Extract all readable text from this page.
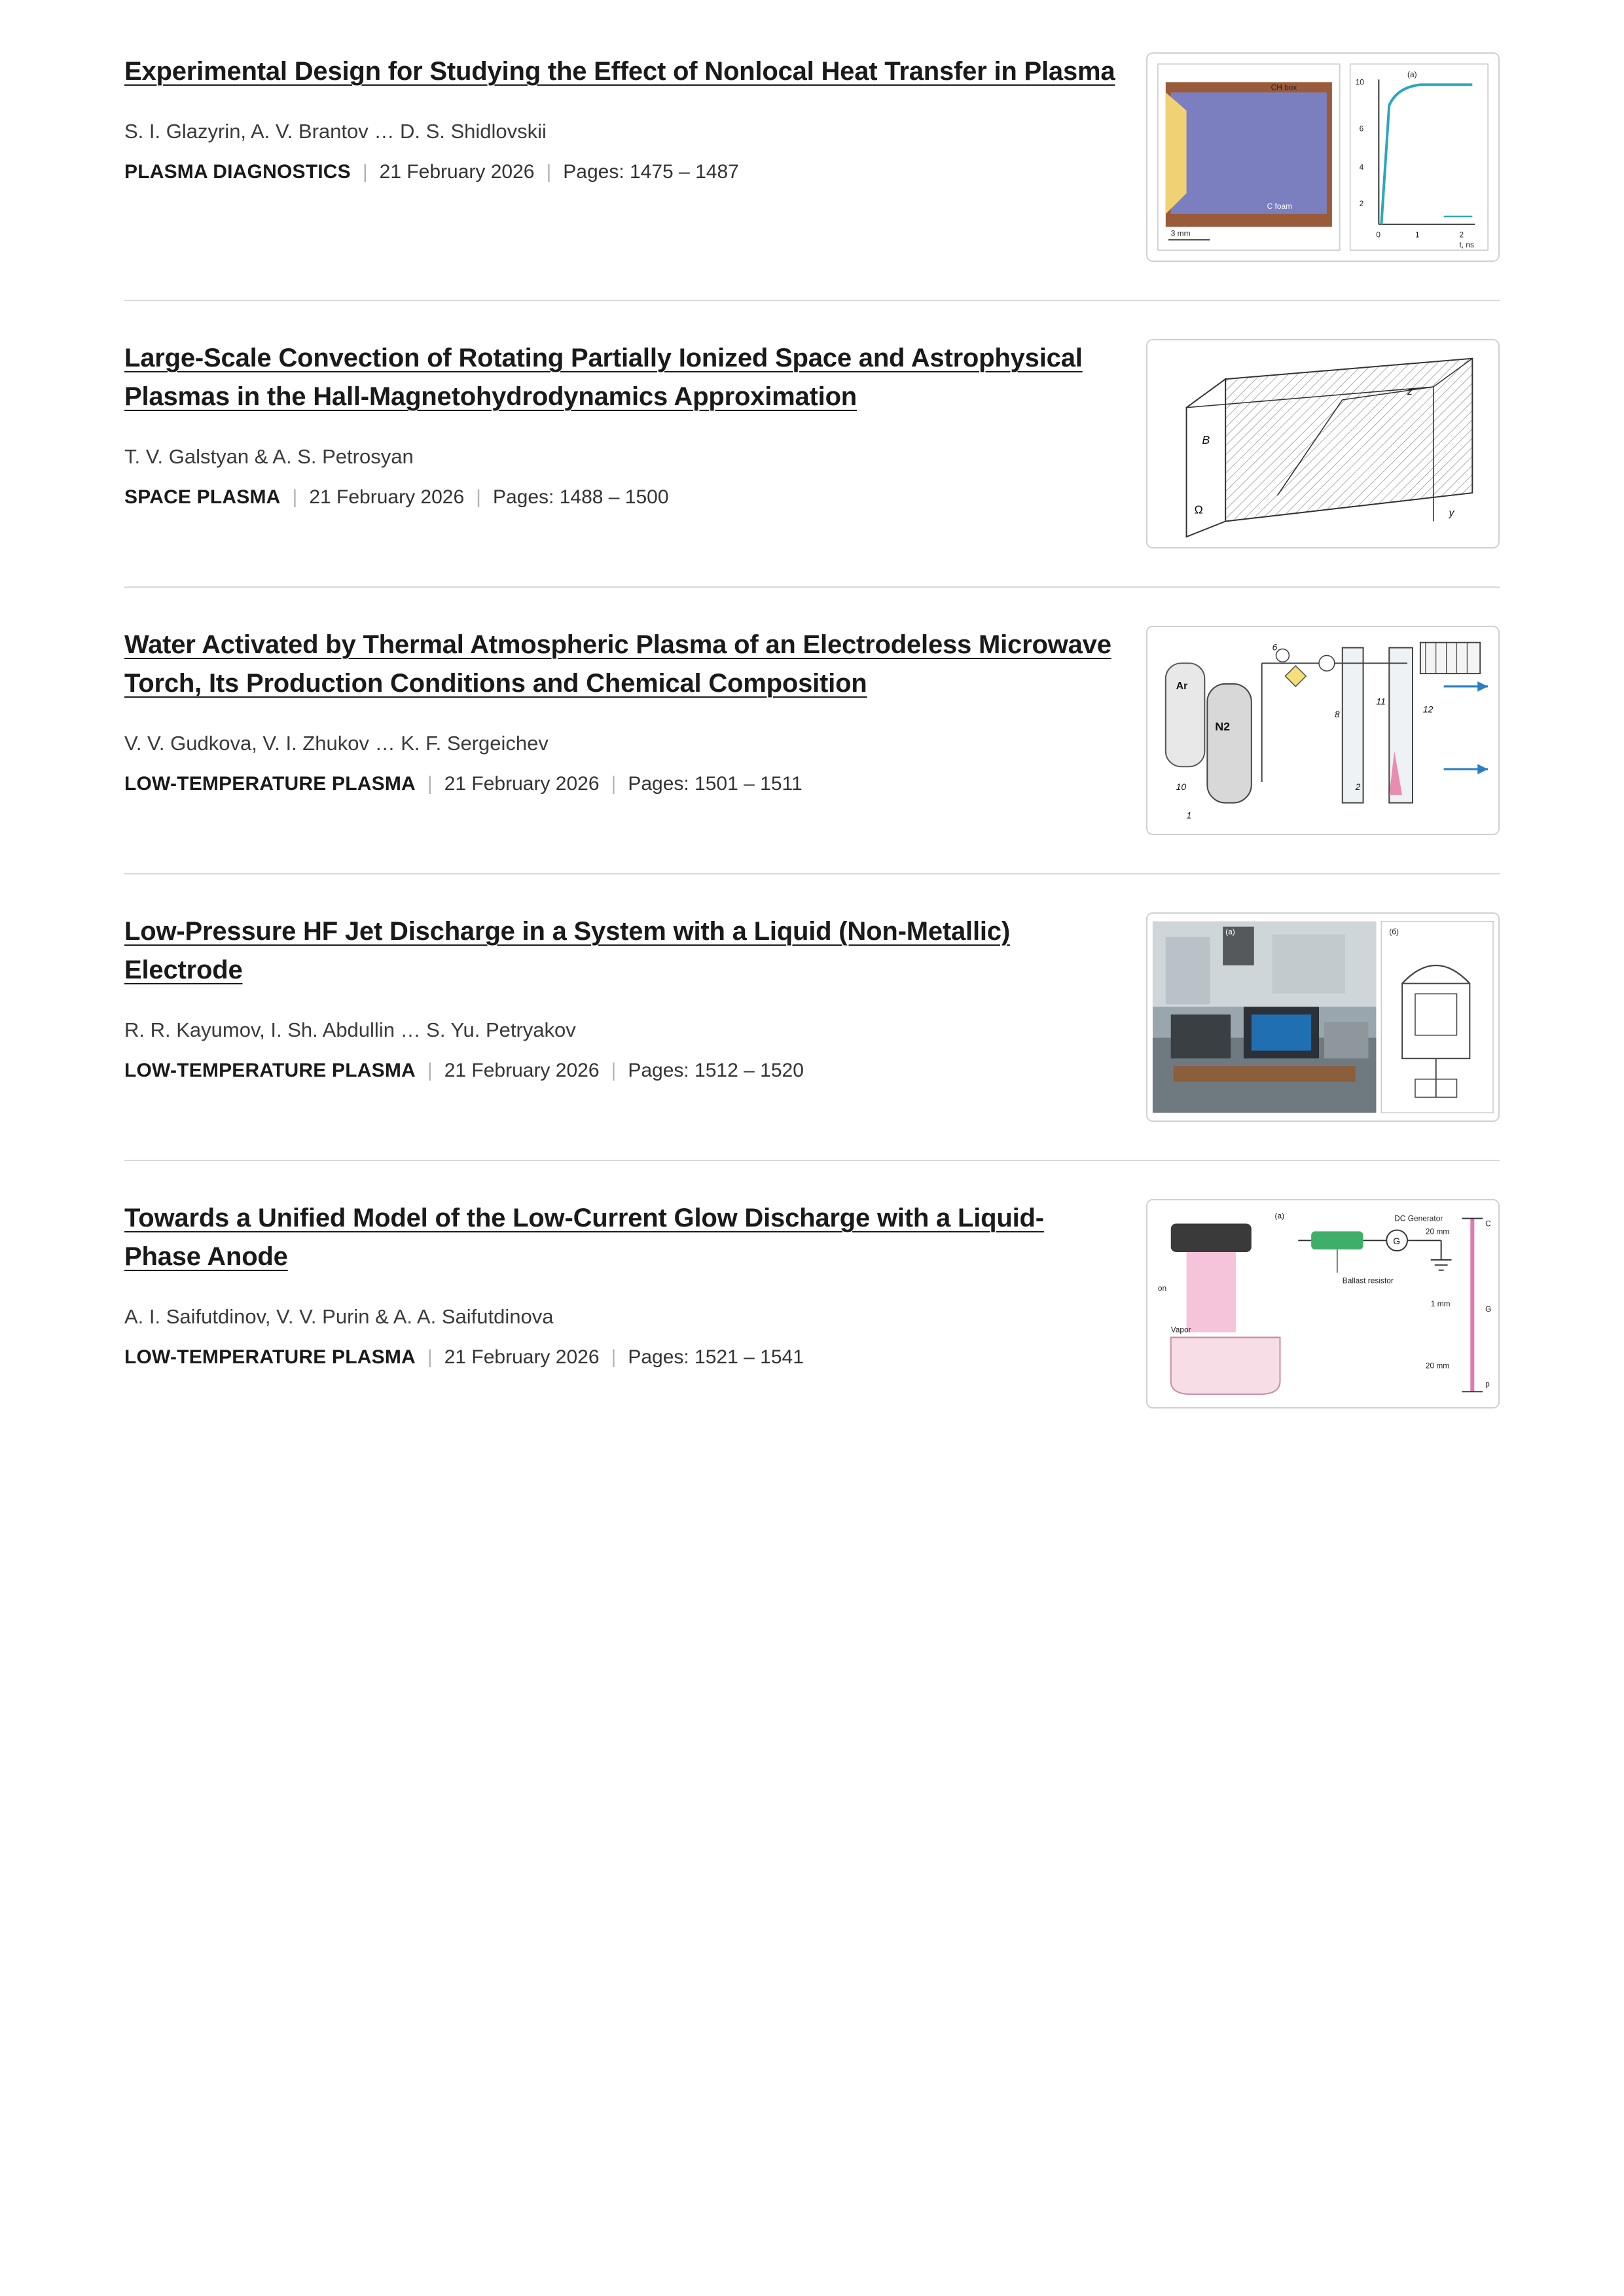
Experimental Design for Studying the Effect of Nonlocal Heat Transfer in Plasma
S. I. Glazyrin, A. V. Brantov … D. S. Shidlovskii
PLASMA DIAGNOSTICS | 21 February 2026 | Pages: 1475 – 1487
CH box
C foam
3 mm
10
6
4
2
0	1	2
t, ns
(a)
Large-Scale Convection of Rotating Partially Ionized Space and Astrophysical Plasmas in the Hall-Magnetohydrodynamics Approximation
T. V. Galstyan & A. S. Petrosyan
SPACE PLASMA | 21 February 2026 | Pages: 1488 – 1500
B
Ω
z
y
Water Activated by Thermal Atmospheric Plasma of an Electrodeless Microwave Torch, Its Production Conditions and Chemical Composition
V. V. Gudkova, V. I. Zhukov … K. F. Sergeichev
LOW-TEMPERATURE PLASMA | 21 February 2026 | Pages: 1501 – 1511
Ar
N2
2
10
1
6
8
11
12
Low-Pressure HF Jet Discharge in a System with a Liquid (Non-Metallic) Electrode
R. R. Kayumov, I. Sh. Abdullin … S. Yu. Petryakov
LOW-TEMPERATURE PLASMA | 21 February 2026 | Pages: 1512 – 1520
(б)
(а)
Towards a Unified Model of the Low-Current Glow Discharge with a Liquid-Phase Anode
A. I. Saifutdinov, V. V. Purin & A. A. Saifutdinova
LOW-TEMPERATURE PLASMA | 21 February 2026 | Pages: 1521 – 1541
Vapor
on
G
DC Generator
Ballast resistor
20 mm
1 mm
20 mm
C
G
p
(а)
